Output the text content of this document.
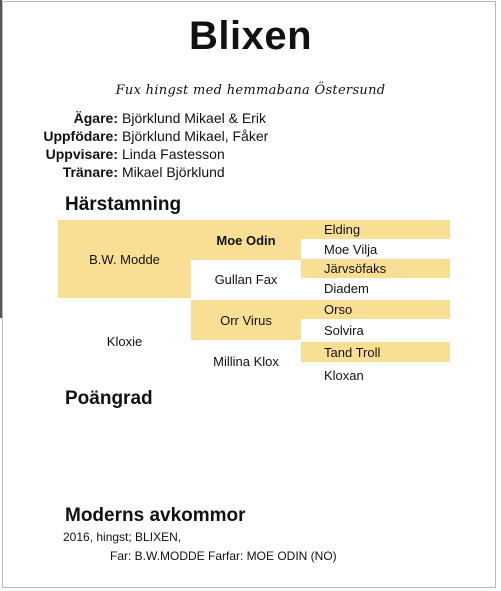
Blixen
Fux hingst med hemmabana Östersund
Ägare: Björklund Mikael & Erik
Uppfödare: Björklund Mikael, Fåker
Uppvisare: Linda Fastesson
Tränare: Mikael Björklund
Härstamning
B.W. Modde
Kloxie
Moe Odin
Gullan Fax
Orr Virus
Millina Klox
Elding
Moe Vilja
Järvsöfaks
Diadem
Orso
Solvira
Tand Troll
Kloxan
Poängrad
Moderns avkommor
2016, hingst; BLIXEN,
Far: B.W.MODDE Farfar: MOE ODIN (NO)
